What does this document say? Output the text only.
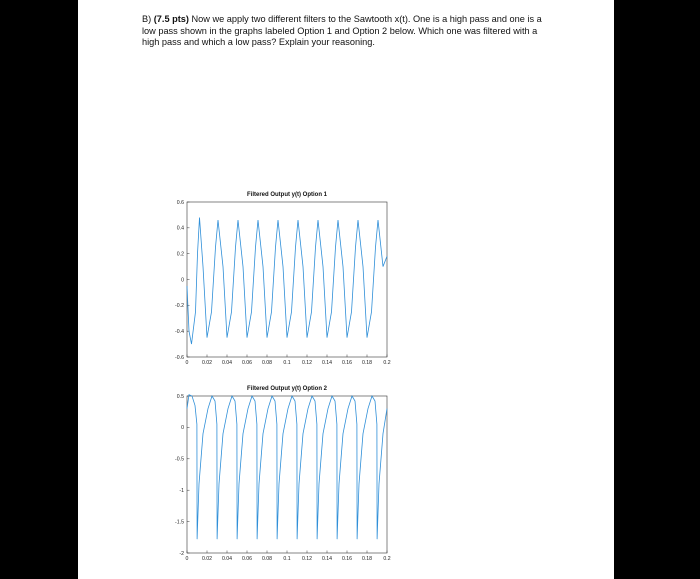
B) (7.5 pts) Now we apply two different filters to the Sawtooth x(t). One is a high pass and one is a low pass shown in the graphs labeled Option 1 and Option 2 below. Which one was filtered with a high pass and which a low pass? Explain your reasoning.
Filtered Output y(t) Option 1
0	0.02 0.04 0.06 0.08 0.1 0.12 0.14 0.16 0.18 0.2
-0.6
-0.4
-0.2
0
0.2
0.4
0.6
Filtered Output y(t) Option 2
0	0.02 0.04 0.06 0.08 0.1 0.12 0.14 0.16 0.18 0.2
-2
-1.5
-1
-0.5
0
0.5
